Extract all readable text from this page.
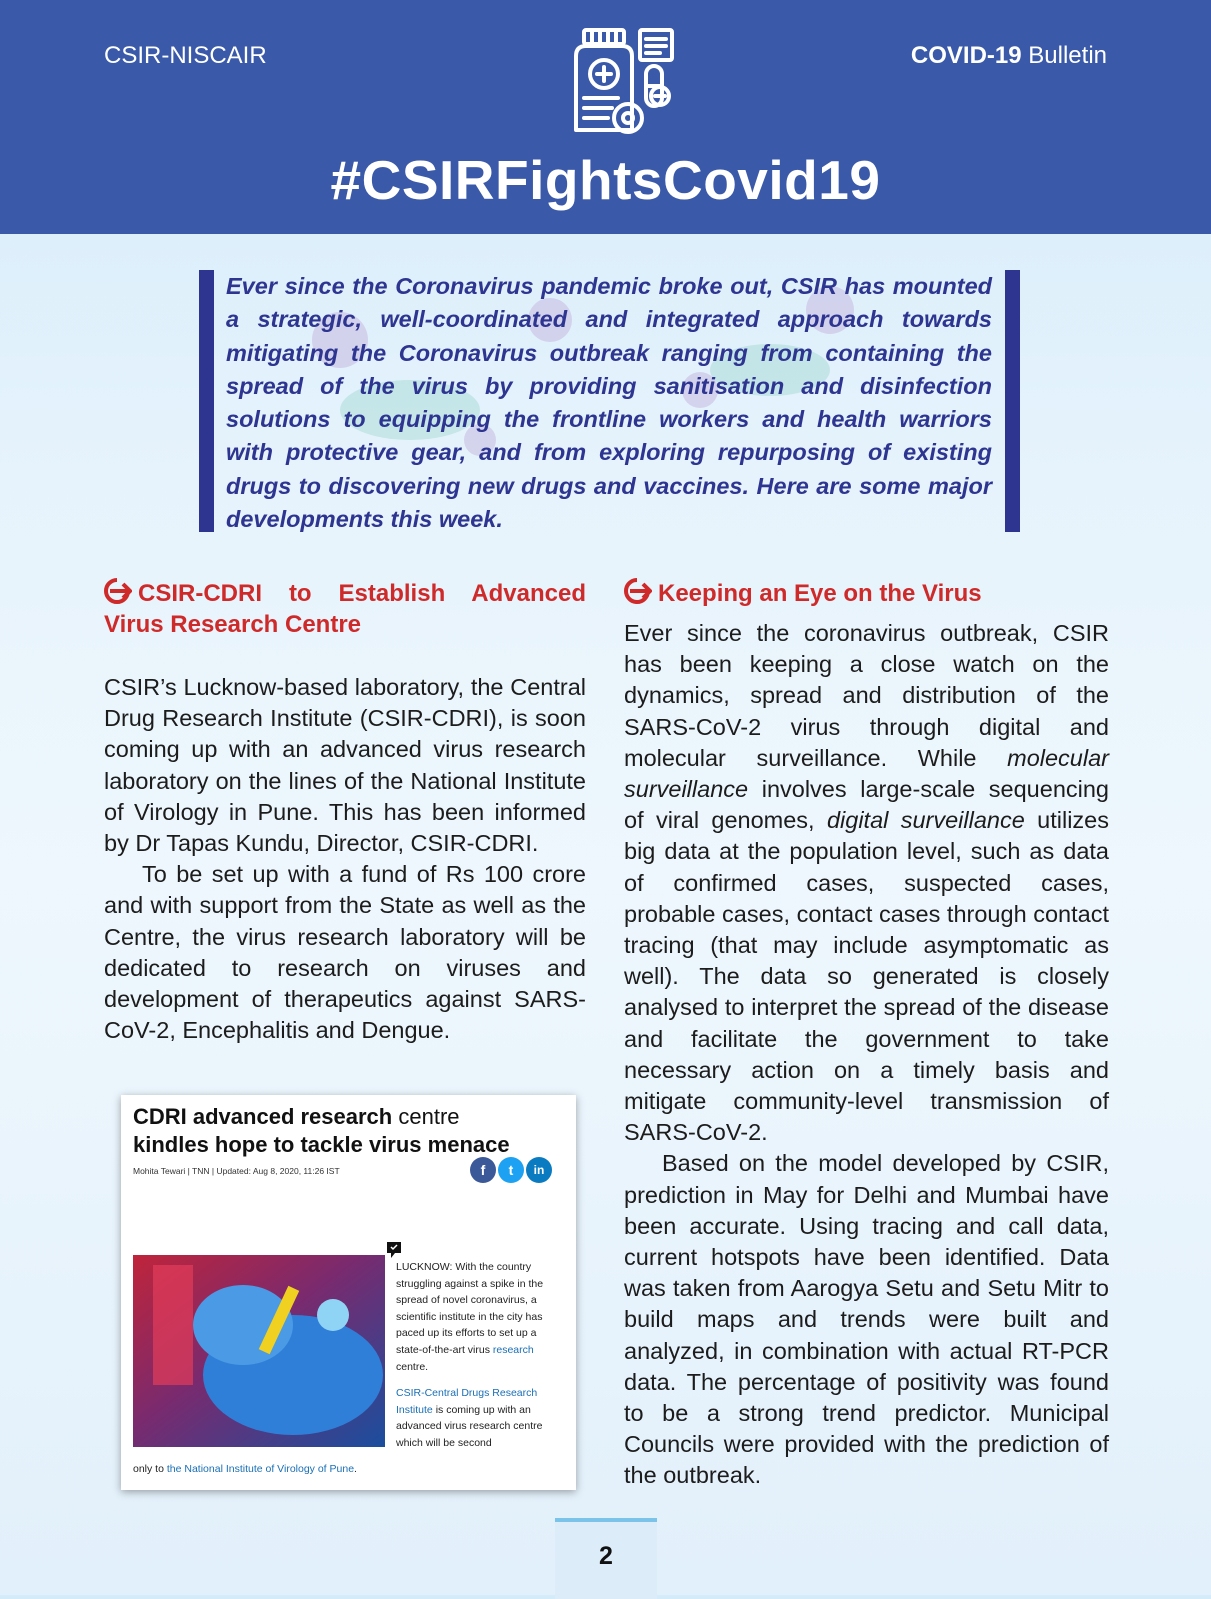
CSIR-NISCAIR	COVID-19 Bulletin
#CSIRFightsCovid19
Ever since the Coronavirus pandemic broke out, CSIR has mounted a strategic, well-coordinated and integrated approach towards mitigating the Coronavirus outbreak ranging from containing the spread of the virus by providing sanitisation and disinfection solutions to equipping the frontline workers and health warriors with protective gear, and from exploring repurposing of existing drugs to discovering new drugs and vaccines. Here are some major developments this week.
CSIR-CDRI to Establish Advanced Virus Research Centre

CSIR’s Lucknow-based laboratory, the Central Drug Research Institute (CSIR-CDRI), is soon coming up with an advanced virus research laboratory on the lines of the National Institute of Virology in Pune. This has been informed by Dr Tapas Kundu, Director, CSIR-CDRI.

To be set up with a fund of Rs 100 crore and with support from the State as well as the Centre, the virus research laboratory will be dedicated to research on viruses and development of therapeutics against SARS-CoV-2, Encephalitis and Dengue.

CDRI advanced research centre
kindles hope to tackle virus menace
Mohita Tewari | TNN | Updated: Aug 8, 2020, 11:26 IST	f	t	in

LUCKNOW: With the country struggling against a spike in the spread of novel coronavirus, a scientific institute in the city has paced up its efforts to set up a state-of-the-art virus research centre.

CSIR-Central Drugs Research Institute is coming up with an advanced virus research centre which will be second

only to the National Institute of Virology of Pune.
Keeping an Eye on the Virus

Ever since the coronavirus outbreak, CSIR has been keeping a close watch on the dynamics, spread and distribution of the SARS-CoV-2 virus through digital and molecular surveillance. While molecular surveillance involves large-scale sequencing of viral genomes, digital surveillance utilizes big data at the population level, such as data of confirmed cases, suspected cases, probable cases, contact cases through contact tracing (that may include asymptomatic as well). The data so generated is closely analysed to interpret the spread of the disease and facilitate the government to take necessary action on a timely basis and mitigate community-level transmission of SARS-CoV-2.

Based on the model developed by CSIR, prediction in May for Delhi and Mumbai have been accurate. Using tracing and call data, current hotspots have been identified. Data was taken from Aarogya Setu and Setu Mitr to build maps and trends were built and analyzed, in combination with actual RT-PCR data. The percentage of positivity was found to be a strong trend predictor. Municipal Councils were provided with the prediction of the outbreak.

2
